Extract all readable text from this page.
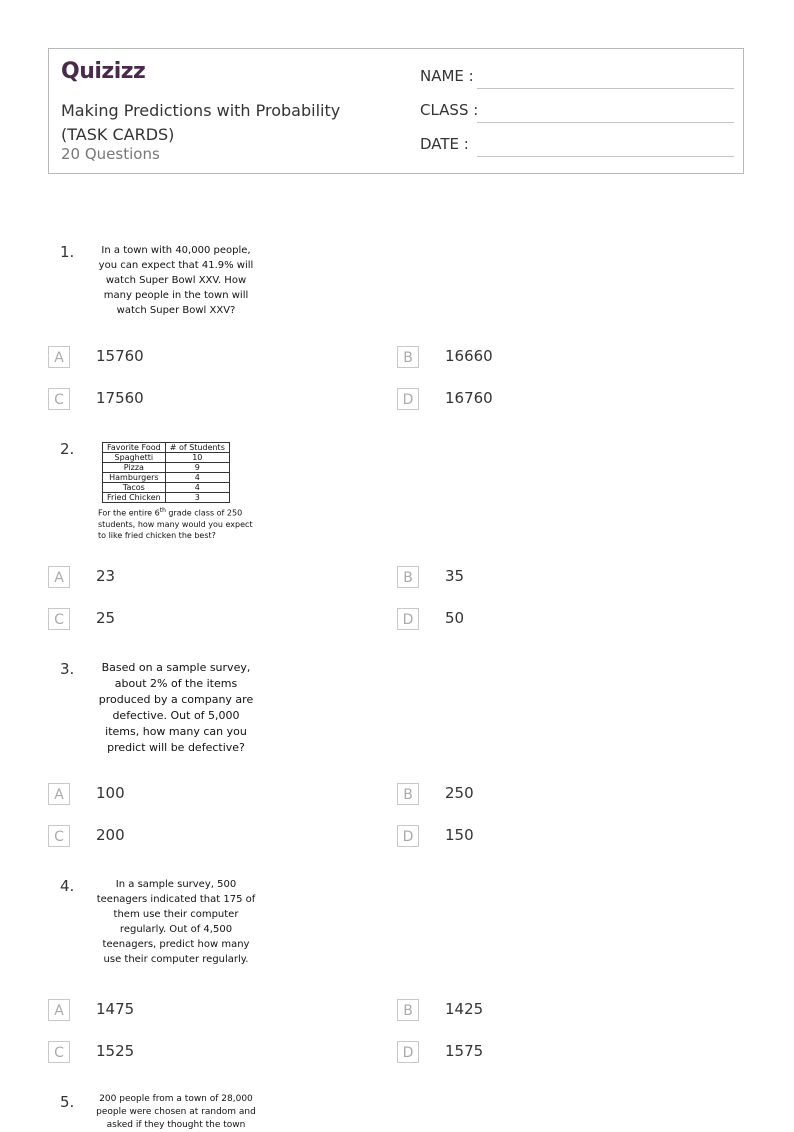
Quizizz
Making Predictions with Probability (TASK CARDS)
20 Questions
NAME :
CLASS :
DATE :
1.	In a town with 40,000 people, you can expect that 41.9% will watch Super Bowl XXV. How many people in the town will watch Super Bowl XXV?
A	15760	B	16660
C	17560	D	16760
2.	Favorite Food	# of Students
Spaghetti	10
Pizza	9
Hamburgers	4
Tacos	4
Fried Chicken	3
For the entire 6th grade class of 250 students, how many would you expect to like fried chicken the best?
A	23	B	35
C	25	D	50
3.	Based on a sample survey, about 2% of the items produced by a company are defective. Out of 5,000 items, how many can you predict will be defective?
A	100	B	250
C	200	D	150
4.	In a sample survey, 500 teenagers indicated that 175 of them use their computer regularly. Out of 4,500 teenagers, predict how many use their computer regularly.
A	1475	B	1425
C	1525	D	1575
5.	200 people from a town of 28,000 people were chosen at random and asked if they thought the town
